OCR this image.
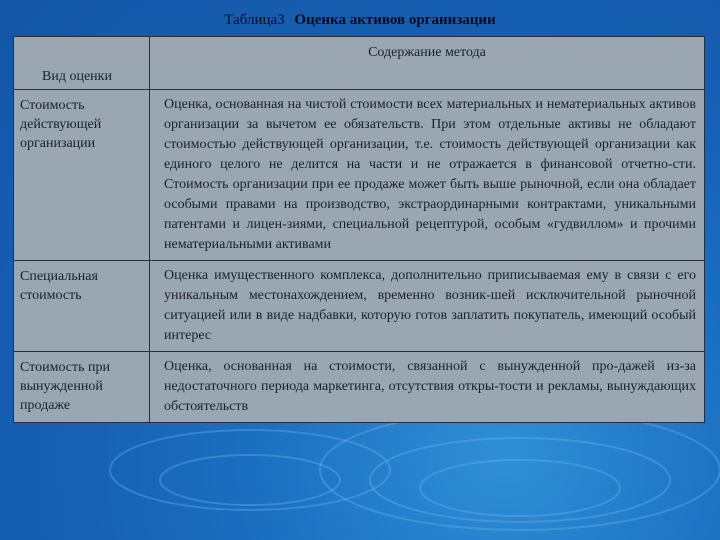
Таблица3 Оценка активов организации
Вид оценки	Содержание метода
Стоимость действующей организации	Оценка, основанная на чистой стоимости всех материальных и нематериальных активов организации за вычетом ее обязательств. При этом отдельные активы не обладают стоимостью действующей организации, т.е. стоимость действующей организации как единого целого не делится на части и не отражается в финансовой отчетно-сти. Стоимость организации при ее продаже может быть выше рыночной, если она обладает особыми правами на производство, экстраординарными контрактами, уникальными патентами и лицен-зиями, специальной рецептурой, особым «гудвиллом» и прочими нематериальными активами
Специальная стоимость	Оценка имущественного комплекса, дополнительно приписываемая ему в связи с его уникальным местонахождением, временно возник-шей исключительной рыночной ситуацией или в виде надбавки, которую готов заплатить покупатель, имеющий особый интерес
Стоимость при вынужденной продаже	Оценка, основанная на стоимости, связанной с вынужденной про-дажей из-за недостаточного периода маркетинга, отсутствия откры-тости и рекламы, вынуждающих обстоятельств
